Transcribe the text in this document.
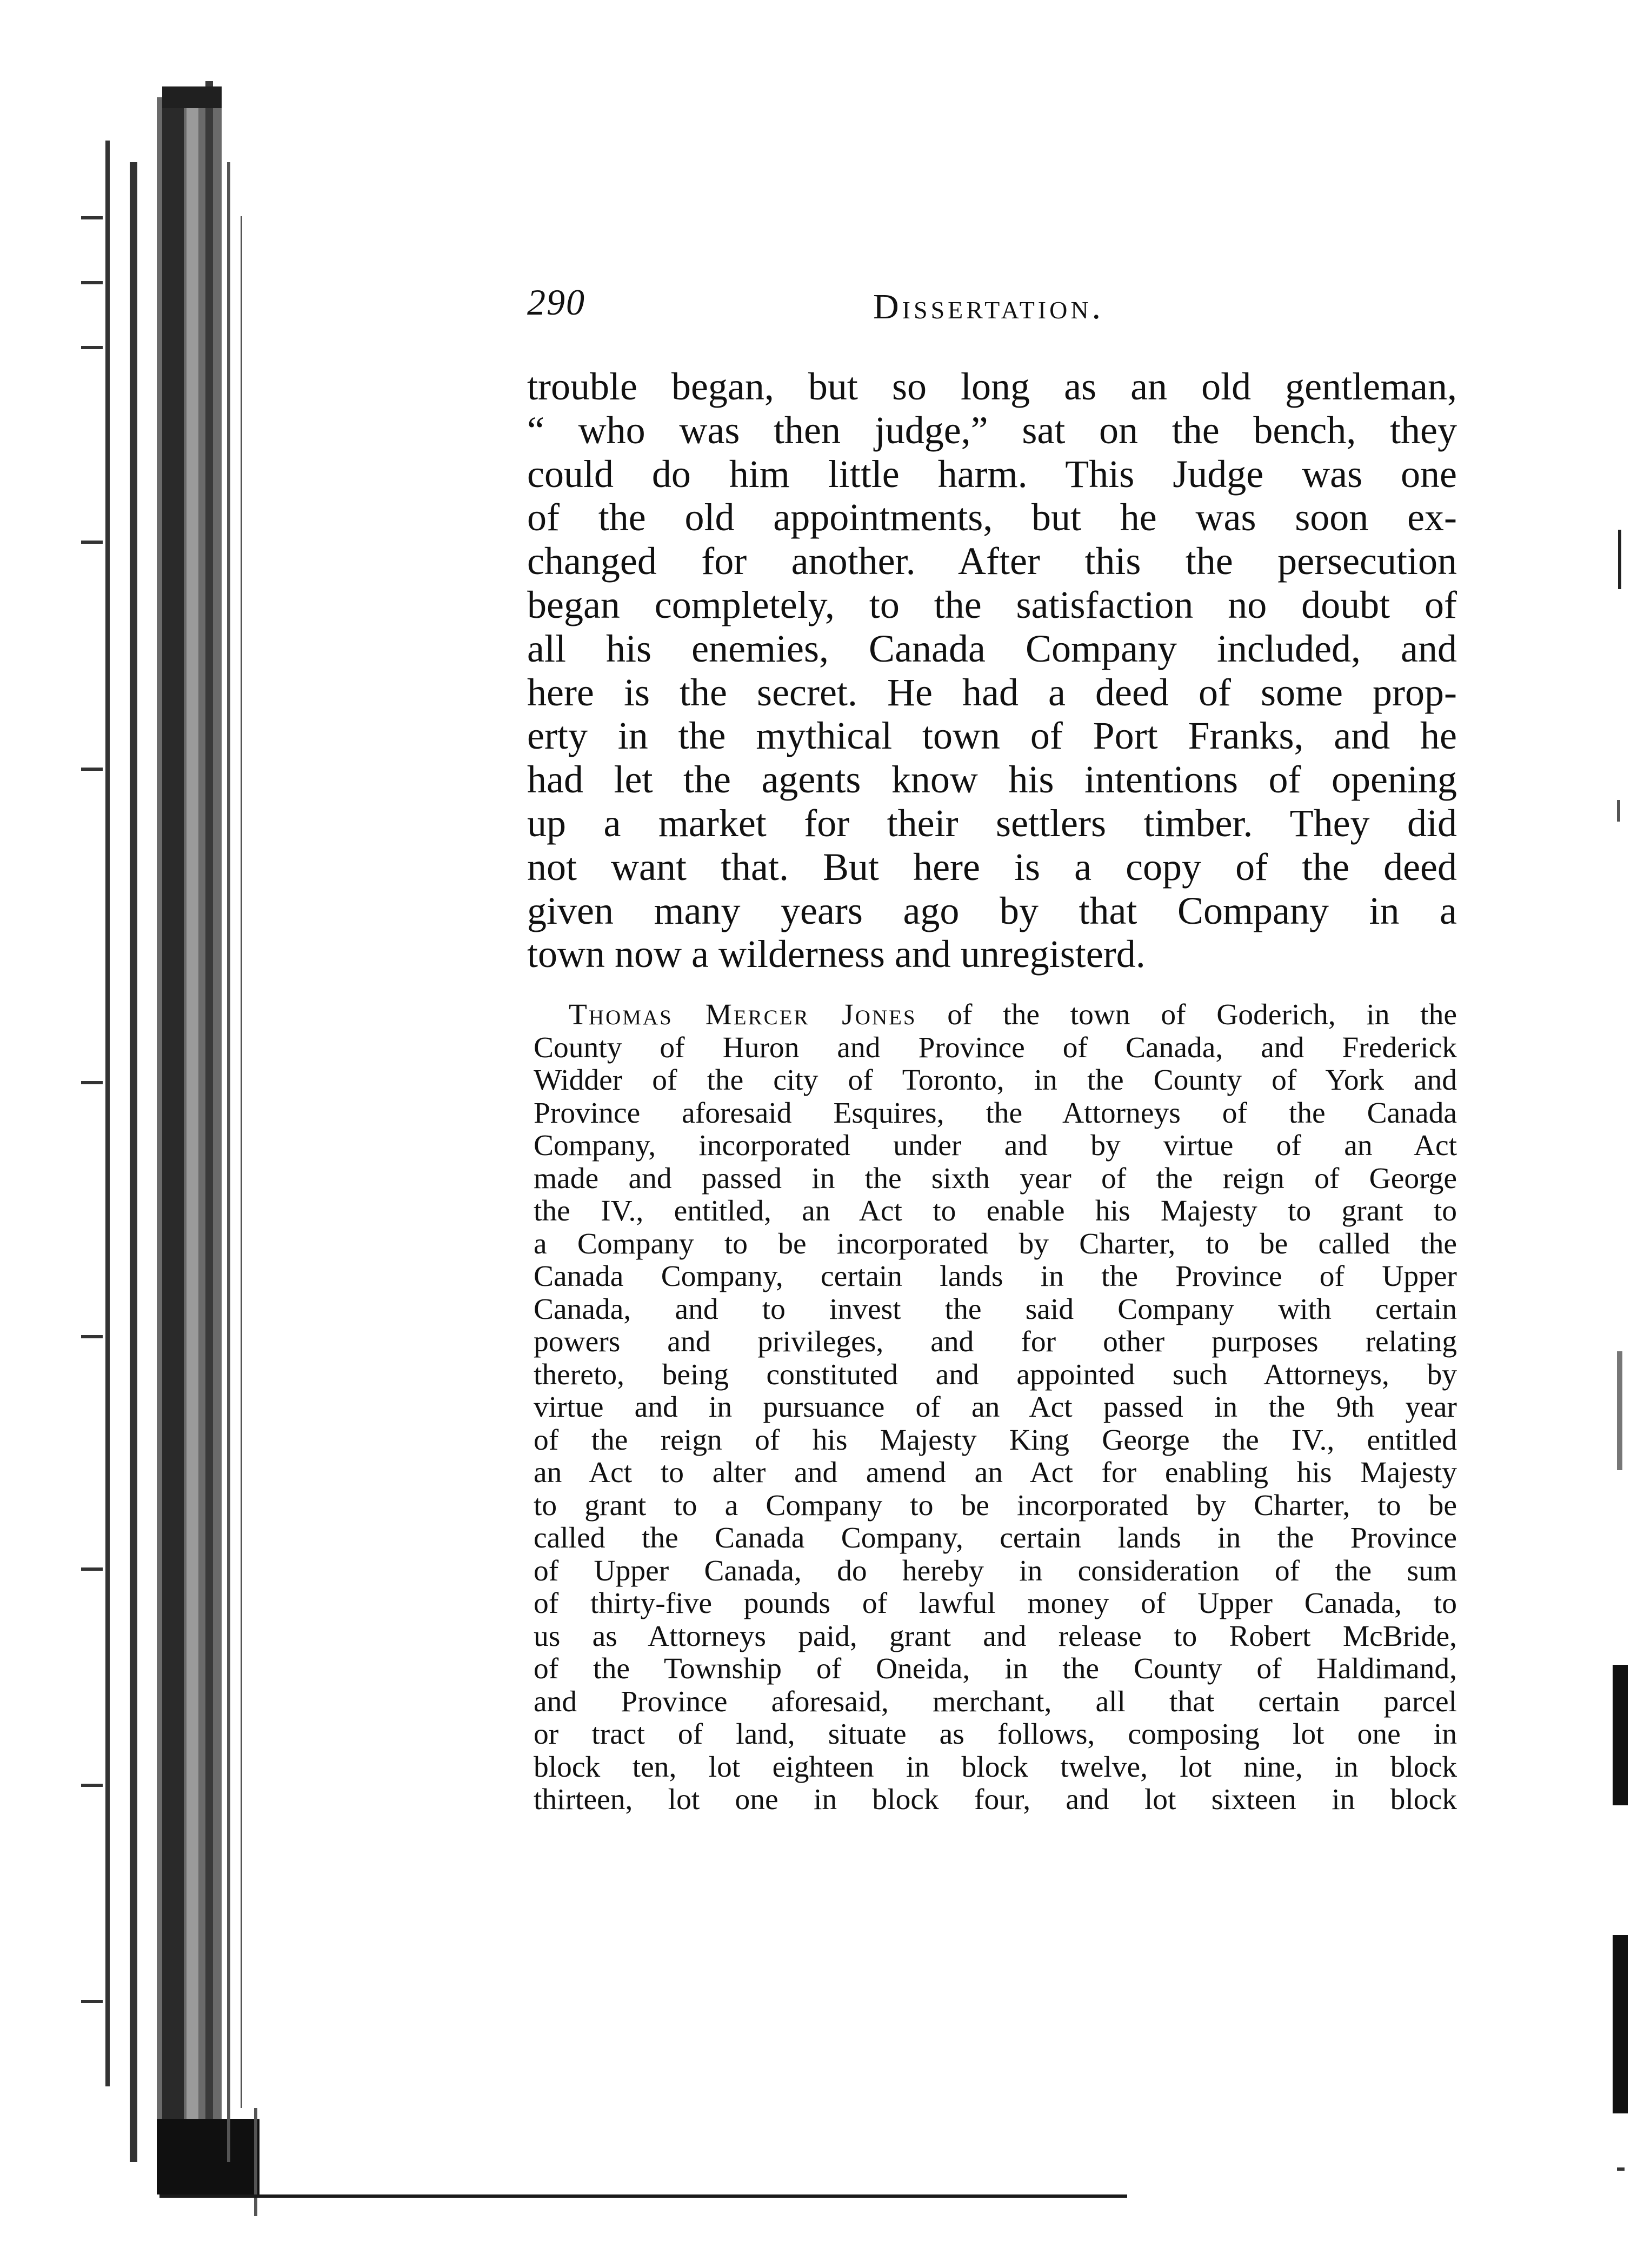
290	Dissertation.
trouble began, but so long as an old gentleman,
“ who was then judge,” sat on the bench, they
could do him little harm. This Judge was one
of the old appointments, but he was soon ex-
changed for another. After this the persecution
began completely, to the satisfaction no doubt of
all his enemies, Canada Company included, and
here is the secret. He had a deed of some prop-
erty in the mythical town of Port Franks, and he
had let the agents know his intentions of opening
up a market for their settlers timber. They did
not want that. But here is a copy of the deed
given many years ago by that Company in a
town now a wilderness and unregisterd.
Thomas Mercer Jones of the town of Goderich, in the
County of Huron and Province of Canada, and Frederick
Widder of the city of Toronto, in the County of York and
Province aforesaid Esquires, the Attorneys of the Canada
Company, incorporated under and by virtue of an Act
made and passed in the sixth year of the reign of George
the IV., entitled, an Act to enable his Majesty to grant to
a Company to be incorporated by Charter, to be called the
Canada Company, certain lands in the Province of Upper
Canada, and to invest the said Company with certain
powers and privileges, and for other purposes relating
thereto, being constituted and appointed such Attorneys, by
virtue and in pursuance of an Act passed in the 9th year
of the reign of his Majesty King George the IV., entitled
an Act to alter and amend an Act for enabling his Majesty
to grant to a Company to be incorporated by Charter, to be
called the Canada Company, certain lands in the Province
of Upper Canada, do hereby in consideration of the sum
of thirty-five pounds of lawful money of Upper Canada, to
us as Attorneys paid, grant and release to Robert McBride,
of the Township of Oneida, in the County of Haldimand,
and Province aforesaid, merchant, all that certain parcel
or tract of land, situate as follows, composing lot one in
block ten, lot eighteen in block twelve, lot nine, in block
thirteen, lot one in block four, and lot sixteen in block
